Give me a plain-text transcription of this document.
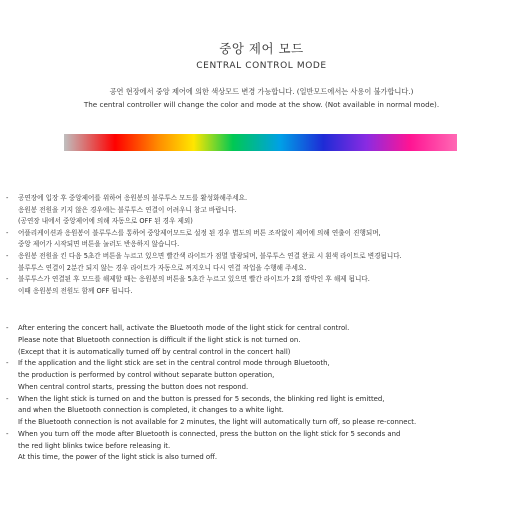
중앙 제어 모드
CENTRAL CONTROL MODE
공연 현장에서 중앙 제어에 의한 색상모드 변경 가능합니다. (일반모드에서는 사용이 불가합니다.)
The central controller will change the color and mode at the show. (Not available in normal mode).
- 공연장에 입장 후 중앙제어를 위하여 응원봉의 블루투스 모드를 활성화해주세요.
응원봉 전원을 키지 않은 경우에는 블루투스 연결이 어려우니 참고 바랍니다.
(공연장 내에서 중앙제어에 의해 자동으로 OFF 된 경우 제외)
- 어플리케이션과 응원봉이 블루투스를 통하여 중앙제어모드로 설정 된 경우 별도의 버튼 조작없이 제어에 의해 연출이 진행되며,
중앙 제어가 시작되면 버튼을 눌러도 반응하지 않습니다.
- 응원봉 전원을 킨 다음 5초간 버튼을 누르고 있으면 빨간색 라이트가 점멸 발광되며, 블루투스 연결 완료 시 흰색 라이트로 변경됩니다.
블루투스 연결이 2분간 되지 않는 경우 라이트가 자동으로 꺼지오니 다시 연결 작업을 수행해 주세요.
- 블루투스가 연결된 후 모드를 해제할 때는 응원봉의 버튼을 5초간 누르고 있으면 빨간 라이트가 2회 깜박인 후 해제 됩니다.
이때 응원봉의 전원도 함께 OFF 됩니다.
- After entering the concert hall, activate the Bluetooth mode of the light stick for central control.
Please note that Bluetooth connection is difficult if the light stick is not turned on.
(Except that it is automatically turned off by central control in the concert hall)
- If the application and the light stick are set in the central control mode through Bluetooth,
the production is performed by control without separate button operation,
When central control starts, pressing the button does not respond.
- When the light stick is turned on and the button is pressed for 5 seconds, the blinking red light is emitted,
and when the Bluetooth connection is completed, it changes to a white light.
If the Bluetooth connection is not available for 2 minutes, the light will automatically turn off, so please re-connect.
- When you turn off the mode after Bluetooth is connected, press the button on the light stick for 5 seconds and
the red light blinks twice before releasing it.
At this time, the power of the light stick is also turned off.
